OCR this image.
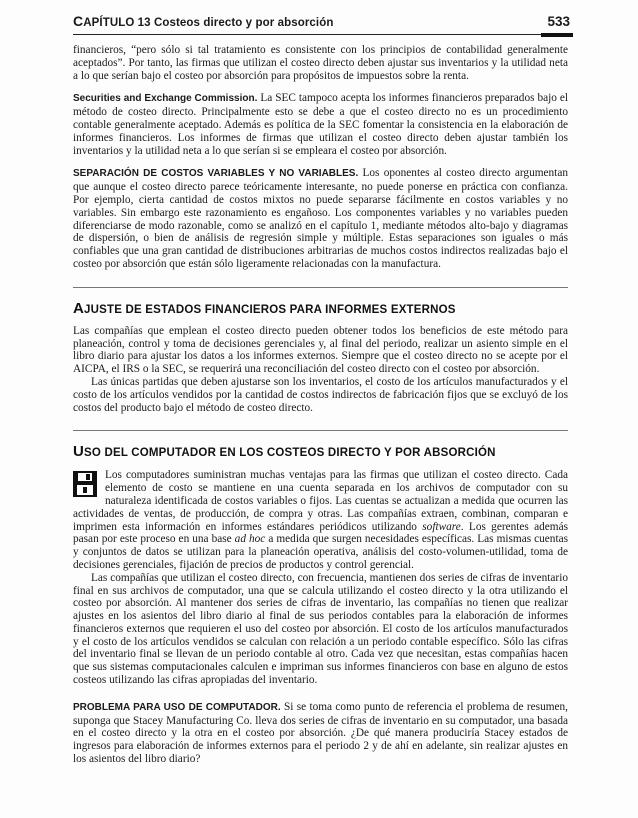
CAPÍTULO 13 Costeos directo y por absorción	533

financieros, “pero sólo si tal tratamiento es consistente con los principios de contabilidad generalmente aceptados”. Por tanto, las firmas que utilizan el costeo directo deben ajustar sus inventarios y la utilidad neta a lo que serían bajo el costeo por absorción para propósitos de impuestos sobre la renta.

Securities and Exchange Commission. La SEC tampoco acepta los informes financieros preparados bajo el método de costeo directo. Principalmente esto se debe a que el costeo directo no es un procedimiento contable generalmente aceptado. Además es política de la SEC fomentar la consistencia en la elaboración de informes financieros. Los informes de firmas que utilizan el costeo directo deben ajustar también los inventarios y la utilidad neta a lo que serían si se empleara el costeo por absorción.

SEPARACIÓN DE COSTOS VARIABLES Y NO VARIABLES. Los oponentes al costeo directo argumentan que aunque el costeo directo parece teóricamente interesante, no puede ponerse en práctica con confianza. Por ejemplo, cierta cantidad de costos mixtos no puede separarse fácilmente en costos variables y no variables. Sin embargo este razonamiento es engañoso. Los componentes variables y no variables pueden diferenciarse de modo razonable, como se analizó en el capítulo 1, mediante métodos alto-bajo y diagramas de dispersión, o bien de análisis de regresión simple y múltiple. Estas separaciones son iguales o más confiables que una gran cantidad de distribuciones arbitrarias de muchos costos indirectos realizadas bajo el costeo por absorción que están sólo ligeramente relacionadas con la manufactura.

AJUSTE DE ESTADOS FINANCIEROS PARA INFORMES EXTERNOS

Las compañías que emplean el costeo directo pueden obtener todos los beneficios de este método para planeación, control y toma de decisiones gerenciales y, al final del periodo, realizar un asiento simple en el libro diario para ajustar los datos a los informes externos. Siempre que el costeo directo no se acepte por el AICPA, el IRS o la SEC, se requerirá una reconciliación del costeo directo con el costeo por absorción.

Las únicas partidas que deben ajustarse son los inventarios, el costo de los artículos manufacturados y el costo de los artículos vendidos por la cantidad de costos indirectos de fabricación fijos que se excluyó de los costos del producto bajo el método de costeo directo.

USO DEL COMPUTADOR EN LOS COSTEOS DIRECTO Y POR ABSORCIÓN

Los computadores suministran muchas ventajas para las firmas que utilizan el costeo directo. Cada elemento de costo se mantiene en una cuenta separada en los archivos de computador con su naturaleza identificada de costos variables o fijos. Las cuentas se actualizan a medida que ocurren las actividades de ventas, de producción, de compra y otras. Las compañías extraen, combinan, comparan e imprimen esta información en informes estándares periódicos utilizando software. Los gerentes además pasan por este proceso en una base ad hoc a medida que surgen necesidades específicas. Las mismas cuentas y conjuntos de datos se utilizan para la planeación operativa, análisis del costo-volumen-utilidad, toma de decisiones gerenciales, fijación de precios de productos y control gerencial.

Las compañías que utilizan el costeo directo, con frecuencia, mantienen dos series de cifras de inventario final en sus archivos de computador, una que se calcula utilizando el costeo directo y la otra utilizando el costeo por absorción. Al mantener dos series de cifras de inventario, las compañías no tienen que realizar ajustes en los asientos del libro diario al final de sus periodos contables para la elaboración de informes financieros externos que requieren el uso del costeo por absorción. El costo de los artículos manufacturados y el costo de los artículos vendidos se calculan con relación a un periodo contable específico. Sólo las cifras del inventario final se llevan de un periodo contable al otro. Cada vez que necesitan, estas compañías hacen que sus sistemas computacionales calculen e impriman sus informes financieros con base en alguno de estos costeos utilizando las cifras apropiadas del inventario.

PROBLEMA PARA USO DE COMPUTADOR. Si se toma como punto de referencia el problema de resumen, suponga que Stacey Manufacturing Co. lleva dos series de cifras de inventario en su computador, una basada en el costeo directo y la otra en el costeo por absorción. ¿De qué manera produciría Stacey estados de ingresos para elaboración de informes externos para el periodo 2 y de ahí en adelante, sin realizar ajustes en los asientos del libro diario?
